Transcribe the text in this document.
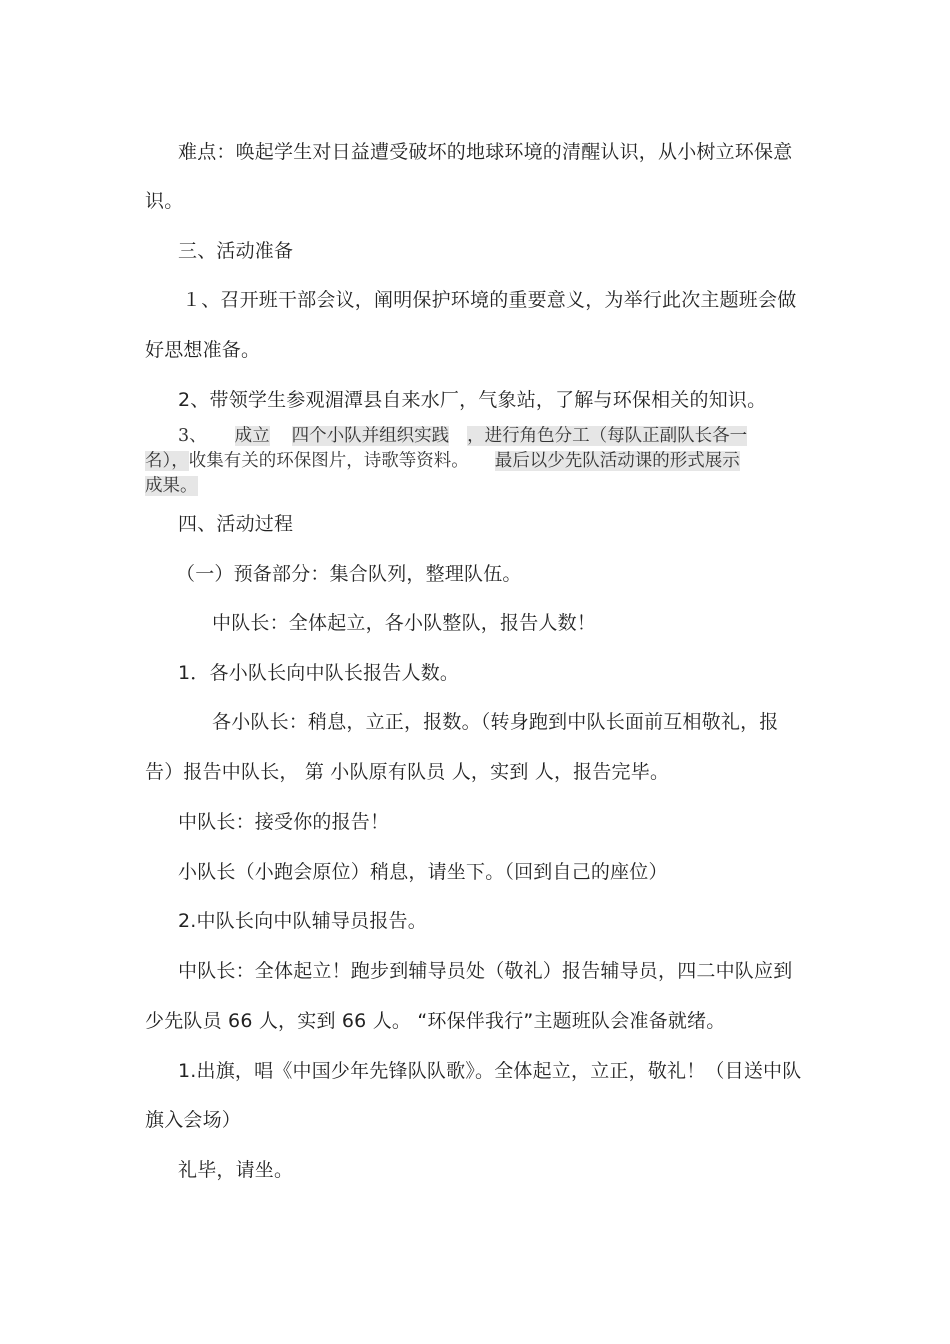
难点：唤起学生对日益遭受破坏的地球环境的清醒认识，从小树立环保意
识。
三、活动准备
１、召开班干部会议，阐明保护环境的重要意义，为举行此次主题班会做
好思想准备。
2、带领学生参观湄潭县自来水厂，气象站，了解与环保相关的知识。
3、 成立 四个小队并组织实践 ，进行角色分工（每队正副队长各一
名），收集有关的环保图片，诗歌等资料。 最后以少先队活动课的形式展示
成果。
四、活动过程
（一）预备部分：集合队列，整理队伍。
中队长：全体起立，各小队整队，报告人数！
1．各小队长向中队长报告人数。
各小队长：稍息，立正，报数。（转身跑到中队长面前互相敬礼，报
告）报告中队长， 第 小队原有队员 人，实到 人，报告完毕。
中队长：接受你的报告！
小队长（小跑会原位）稍息，请坐下。（回到自己的座位）
2.中队长向中队辅导员报告。
中队长：全体起立！跑步到辅导员处（敬礼）报告辅导员，四二中队应到
少先队员 66 人，实到 66 人。 “环保伴我行”主题班队会准备就绪。
1.出旗，唱《中国少年先锋队队歌》。全体起立，立正，敬礼！（目送中队
旗入会场）
礼毕，请坐。
